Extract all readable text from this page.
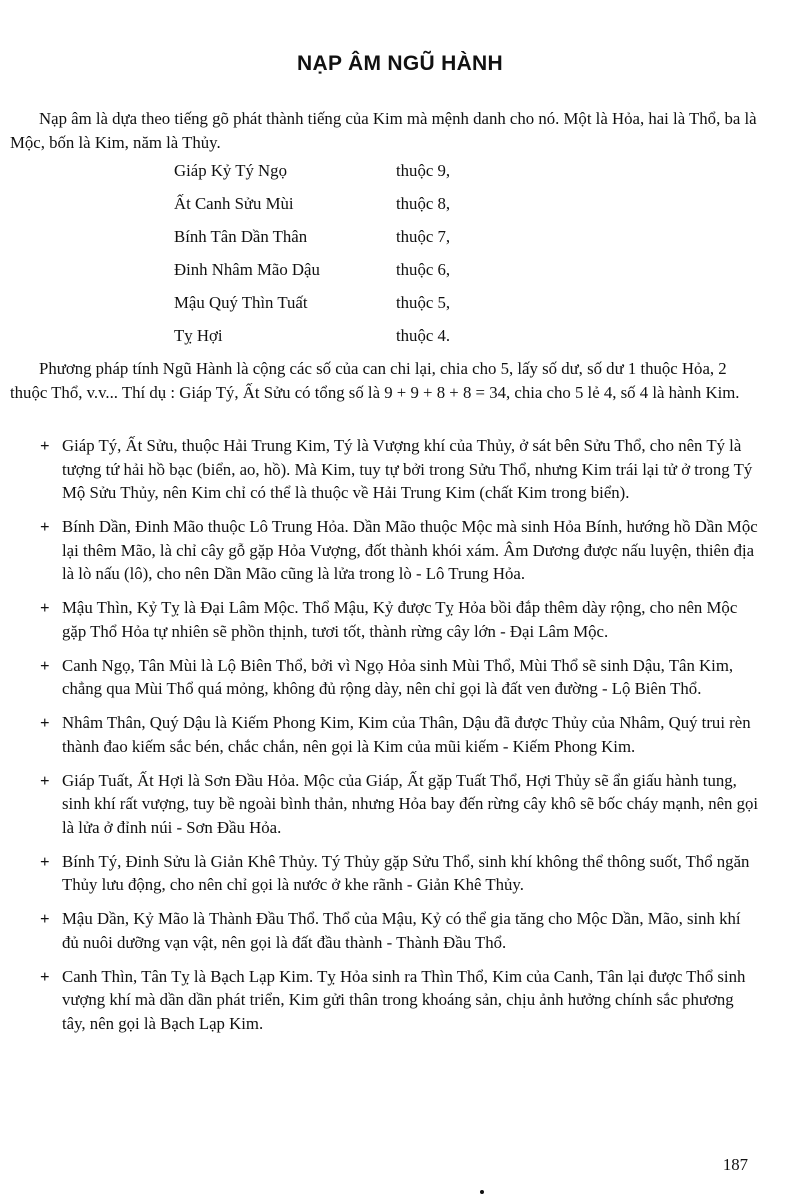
NẠP ÂM NGŨ HÀNH

Nạp âm là dựa theo tiếng gõ phát thành tiếng của Kim mà mệnh danh cho nó. Một là Hỏa, hai là Thổ, ba là Mộc, bốn là Kim, năm là Thủy.

Giáp Kỷ Tý Ngọ	thuộc 9,
Ất Canh Sửu Mùi	thuộc 8,
Bính Tân Dần Thân	thuộc 7,
Đinh Nhâm Mão Dậu	thuộc 6,
Mậu Quý Thìn Tuất	thuộc 5,
Tỵ Hợi	thuộc 4.

Phương pháp tính Ngũ Hành là cộng các số của can chi lại, chia cho 5, lấy số dư, số dư 1 thuộc Hỏa, 2 thuộc Thổ, v.v... Thí dụ : Giáp Tý, Ất Sửu có tổng số là 9 + 9 + 8 + 8 = 34, chia cho 5 lẻ 4, số 4 là hành Kim.

+ Giáp Tý, Ất Sửu, thuộc Hải Trung Kim, Tý là Vượng khí của Thủy, ở sát bên Sửu Thổ, cho nên Tý là tượng tứ hải hồ bạc (biển, ao, hồ). Mà Kim, tuy tự bởi trong Sửu Thổ, nhưng Kim trái lại tử ở trong Tý Mộ Sửu Thủy, nên Kim chỉ có thể là thuộc về Hải Trung Kim (chất Kim trong biển).
+ Bính Dần, Đinh Mão thuộc Lô Trung Hỏa. Dần Mão thuộc Mộc mà sinh Hỏa Bính, hướng hồ Dần Mộc lại thêm Mão, là chỉ cây gỗ gặp Hỏa Vượng, đốt thành khói xám. Âm Dương được nấu luyện, thiên địa là lò nấu (lô), cho nên Dần Mão cũng là lửa trong lò - Lô Trung Hỏa.
+ Mậu Thìn, Kỷ Tỵ là Đại Lâm Mộc. Thổ Mậu, Kỷ được Tỵ Hỏa bồi đắp thêm dày rộng, cho nên Mộc gặp Thổ Hỏa tự nhiên sẽ phồn thịnh, tươi tốt, thành rừng cây lớn - Đại Lâm Mộc.
+ Canh Ngọ, Tân Mùi là Lộ Biên Thổ, bởi vì Ngọ Hỏa sinh Mùi Thổ, Mùi Thổ sẽ sinh Dậu, Tân Kim, chẳng qua Mùi Thổ quá mỏng, không đủ rộng dày, nên chỉ gọi là đất ven đường - Lộ Biên Thổ.
+ Nhâm Thân, Quý Dậu là Kiếm Phong Kim, Kim của Thân, Dậu đã được Thủy của Nhâm, Quý trui rèn thành đao kiếm sắc bén, chắc chắn, nên gọi là Kim của mũi kiếm - Kiếm Phong Kim.
+ Giáp Tuất, Ất Hợi là Sơn Đầu Hỏa. Mộc của Giáp, Ất gặp Tuất Thổ, Hợi Thủy sẽ ẩn giấu hành tung, sinh khí rất vượng, tuy bề ngoài bình thản, nhưng Hỏa bay đến rừng cây khô sẽ bốc cháy mạnh, nên gọi là lửa ở đỉnh núi - Sơn Đầu Hỏa.
+ Bính Tý, Đinh Sửu là Giản Khê Thủy. Tý Thủy gặp Sửu Thổ, sinh khí không thể thông suốt, Thổ ngăn Thủy lưu động, cho nên chỉ gọi là nước ở khe rãnh - Giản Khê Thủy.
+ Mậu Dần, Kỷ Mão là Thành Đầu Thổ. Thổ của Mậu, Kỷ có thể gia tăng cho Mộc Dần, Mão, sinh khí đủ nuôi dưỡng vạn vật, nên gọi là đất đầu thành - Thành Đầu Thổ.
+ Canh Thìn, Tân Tỵ là Bạch Lạp Kim. Tỵ Hỏa sinh ra Thìn Thổ, Kim của Canh, Tân lại được Thổ sinh vượng khí mà dần dần phát triển, Kim gửi thân trong khoáng sản, chịu ảnh hưởng chính sắc phương tây, nên gọi là Bạch Lạp Kim.
187
